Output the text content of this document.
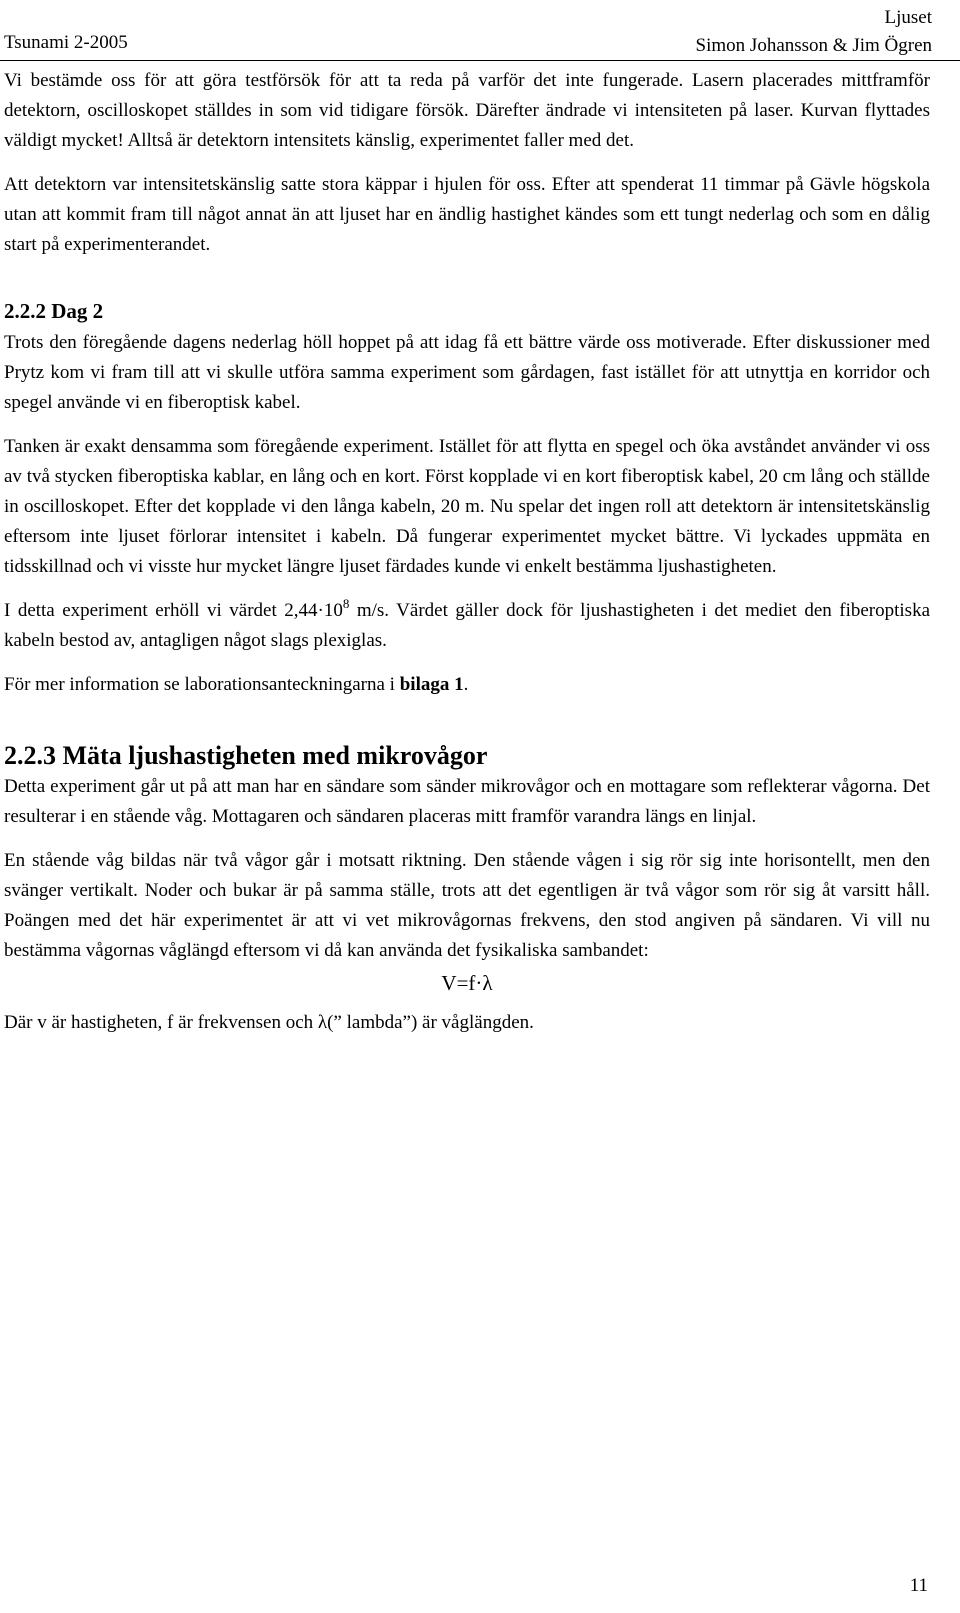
Tsunami 2-2005
Ljuset
Simon Johansson & Jim Ögren

Vi bestämde oss för att göra testförsök för att ta reda på varför det inte fungerade. Lasern placerades mittframför detektorn, oscilloskopet ställdes in som vid tidigare försök. Därefter ändrade vi intensiteten på laser. Kurvan flyttades väldigt mycket! Alltså är detektorn intensitets känslig, experimentet faller med det.

Att detektorn var intensitetskänslig satte stora käppar i hjulen för oss. Efter att spenderat 11 timmar på Gävle högskola utan att kommit fram till något annat än att ljuset har en ändlig hastighet kändes som ett tungt nederlag och som en dålig start på experimenterandet.

2.2.2 Dag 2

Trots den föregående dagens nederlag höll hoppet på att idag få ett bättre värde oss motiverade. Efter diskussioner med Prytz kom vi fram till att vi skulle utföra samma experiment som gårdagen, fast istället för att utnyttja en korridor och spegel använde vi en fiberoptisk kabel.

Tanken är exakt densamma som föregående experiment. Istället för att flytta en spegel och öka avståndet använder vi oss av två stycken fiberoptiska kablar, en lång och en kort. Först kopplade vi en kort fiberoptisk kabel, 20 cm lång och ställde in oscilloskopet. Efter det kopplade vi den långa kabeln, 20 m. Nu spelar det ingen roll att detektorn är intensitetskänslig eftersom inte ljuset förlorar intensitet i kabeln. Då fungerar experimentet mycket bättre. Vi lyckades uppmäta en tidsskillnad och vi visste hur mycket längre ljuset färdades kunde vi enkelt bestämma ljushastigheten.

I detta experiment erhöll vi värdet $2,44\cdot 10^8$ m/s. Värdet gäller dock för ljushastigheten i det mediet den fiberoptiska kabeln bestod av, antagligen något slags plexiglas.

För mer information se laborationsanteckningarna i bilaga 1.

2.2.3 Mäta ljushastigheten med mikrovågor

Detta experiment går ut på att man har en sändare som sänder mikrovågor och en mottagare som reflekterar vågorna. Det resulterar i en stående våg. Mottagaren och sändaren placeras mitt framför varandra längs en linjal.

En stående våg bildas när två vågor går i motsatt riktning. Den stående vågen i sig rör sig inte horisontellt, men den svänger vertikalt. Noder och bukar är på samma ställe, trots att det egentligen är två vågor som rör sig åt varsitt håll. Poängen med det här experimentet är att vi vet mikrovågornas frekvens, den stod angiven på sändaren. Vi vill nu bestämma vågornas våglängd eftersom vi då kan använda det fysikaliska sambandet:

V=f·λ

Där v är hastigheten, f är frekvensen och λ(” lambda”) är våglängden.

11
